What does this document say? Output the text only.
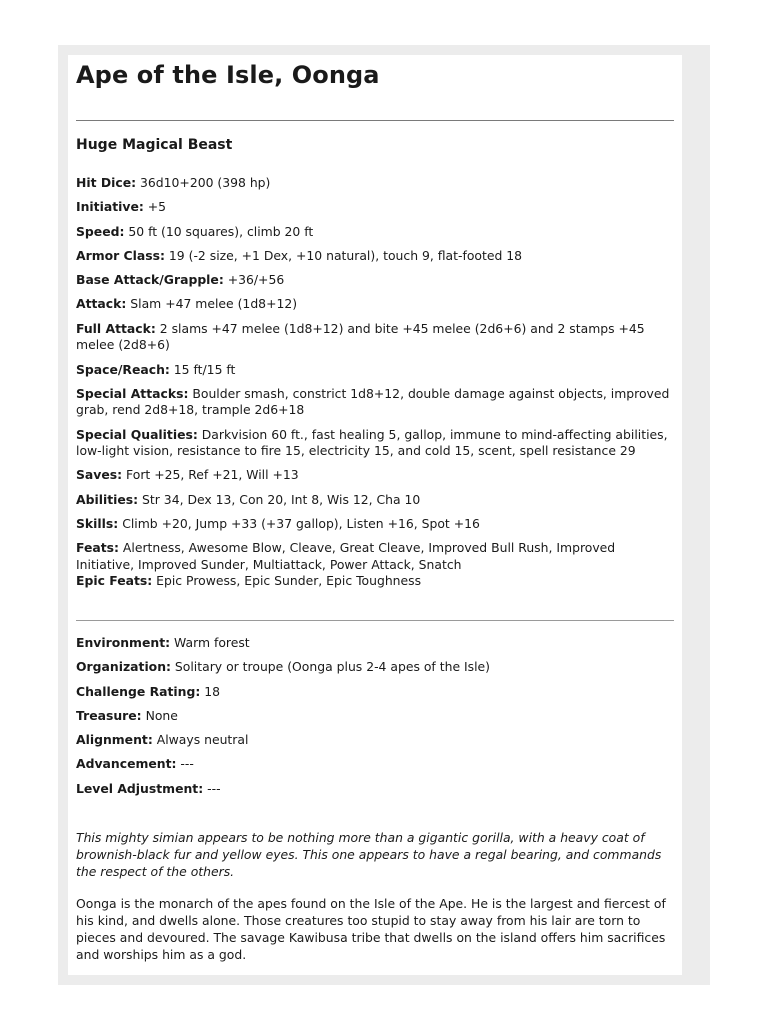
Ape of the Isle, Oonga
Huge Magical Beast

Hit Dice: 36d10+200 (398 hp)

Initiative: +5

Speed: 50 ft (10 squares), climb 20 ft

Armor Class: 19 (-2 size, +1 Dex, +10 natural), touch 9, flat-footed 18

Base Attack/Grapple: +36/+56

Attack: Slam +47 melee (1d8+12)

Full Attack: 2 slams +47 melee (1d8+12) and bite +45 melee (2d6+6) and 2 stamps +45 melee (2d8+6)

Space/Reach: 15 ft/15 ft

Special Attacks: Boulder smash, constrict 1d8+12, double damage against objects, improved grab, rend 2d8+18, trample 2d6+18

Special Qualities: Darkvision 60 ft., fast healing 5, gallop, immune to mind-affecting abilities, low-light vision, resistance to fire 15, electricity 15, and cold 15, scent, spell resistance 29

Saves: Fort +25, Ref +21, Will +13

Abilities: Str 34, Dex 13, Con 20, Int 8, Wis 12, Cha 10

Skills: Climb +20, Jump +33 (+37 gallop), Listen +16, Spot +16

Feats: Alertness, Awesome Blow, Cleave, Great Cleave, Improved Bull Rush, Improved Initiative, Improved Sunder, Multiattack, Power Attack, Snatch

Epic Feats: Epic Prowess, Epic Sunder, Epic Toughness

Environment: Warm forest

Organization: Solitary or troupe (Oonga plus 2-4 apes of the Isle)

Challenge Rating: 18

Treasure: None

Alignment: Always neutral

Advancement: ---

Level Adjustment: ---

This mighty simian appears to be nothing more than a gigantic gorilla, with a heavy coat of brownish-black fur and yellow eyes. This one appears to have a regal bearing, and commands the respect of the others.

Oonga is the monarch of the apes found on the Isle of the Ape. He is the largest and fiercest of his kind, and dwells alone. Those creatures too stupid to stay away from his lair are torn to pieces and devoured. The savage Kawibusa tribe that dwells on the island offers him sacrifices and worships him as a god.
